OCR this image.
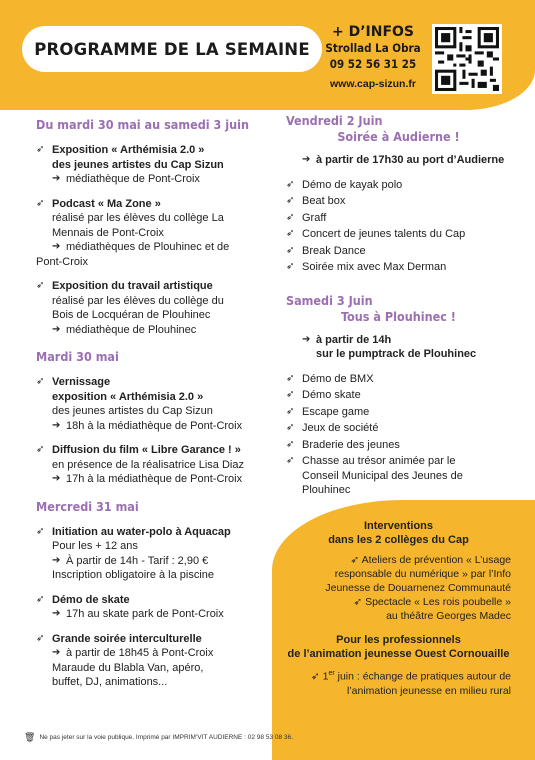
PROGRAMME DE LA SEMAINE
+ D’INFOS
Strollad La Obra
09 52 56 31 25
www.cap-sizun.fr
Du mardi 30 mai au samedi 3 juin
➶ Exposition « Arthémisia 2.0 »
des jeunes artistes du Cap Sizun
➔ médiathèque de Pont-Croix
➶ Podcast « Ma Zone »
réalisé par les élèves du collège La
Mennais de Pont-Croix
➔ médiathèques de Plouhinec et de
Pont-Croix
➶ Exposition du travail artistique
réalisé par les élèves du collège du
Bois de Locquéran de Plouhinec
➔ médiathèque de Plouhinec
Mardi 30 mai
➶ Vernissage
exposition « Arthémisia 2.0 »
des jeunes artistes du Cap Sizun
➔ 18h à la médiathèque de Pont-Croix
➶ Diffusion du film « Libre Garance ! »
en présence de la réalisatrice Lisa Diaz
➔ 17h à la médiathèque de Pont-Croix
Mercredi 31 mai
➶ Initiation au water-polo à Aquacap
Pour les + 12 ans
➔ À partir de 14h - Tarif : 2,90 €
Inscription obligatoire à la piscine
➶ Démo de skate
➔ 17h au skate park de Pont-Croix
➶ Grande soirée interculturelle
➔ à partir de 18h45 à Pont-Croix
Maraude du Blabla Van, apéro,
buffet, DJ, animations...
Vendredi 2 Juin
Soirée à Audierne !
➔ à partir de 17h30 au port d’Audierne
➶ Démo de kayak polo
➶ Beat box
➶ Graff
➶ Concert de jeunes talents du Cap
➶ Break Dance
➶ Soirée mix avec Max Derman
Samedi 3 Juin
Tous à Plouhinec !
➔ à partir de 14h
sur le pumptrack de Plouhinec
➶ Démo de BMX
➶ Démo skate
➶ Escape game
➶ Jeux de société
➶ Braderie des jeunes
➶ Chasse au trésor animée par le
Conseil Municipal des Jeunes de
Plouhinec
Interventions
dans les 2 collèges du Cap
➶ Ateliers de prévention « L’usage
responsable du numérique » par l’Info
Jeunesse de Douarnenez Communauté
➶ Spectacle « Les rois poubelle »
au théâtre Georges Madec
Pour les professionnels
de l’animation jeunesse Ouest Cornouaille
➶ 1er juin : échange de pratiques autour de
l’animation jeunesse en milieu rural
🗑 Ne pas jeter sur la voie publique. Imprimé par IMPRIM’VIT AUDIERNE : 02 98 53 08 36.
